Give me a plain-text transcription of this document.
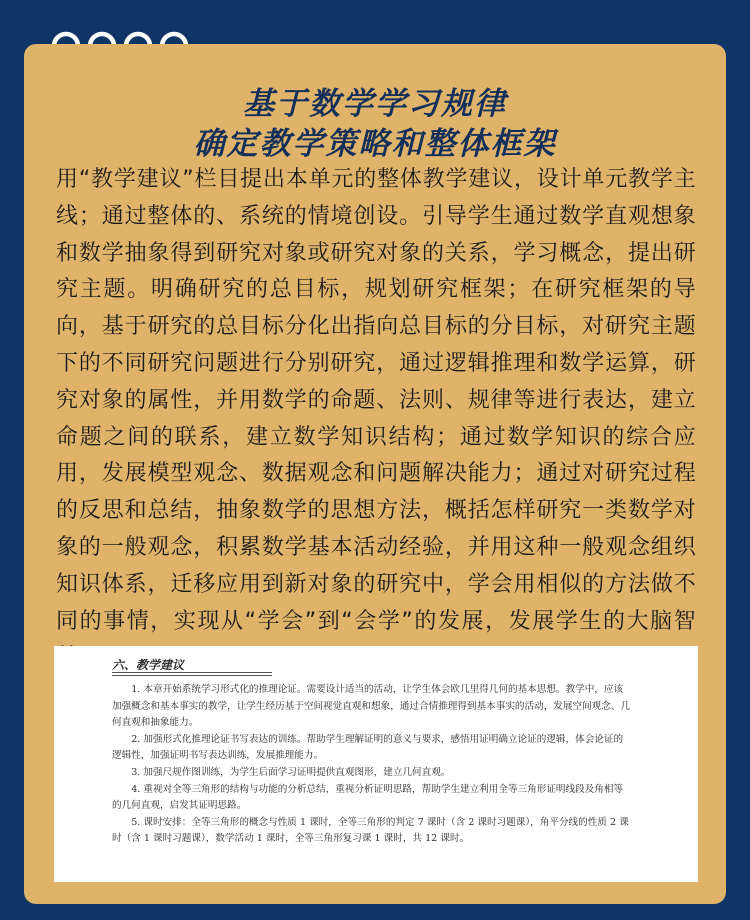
基于数学学习规律
确定教学策略和整体框架

用“教学建议”栏目提出本单元的整体教学建议，设计单元教学主线；通过整体的、系统的情境创设。引导学生通过数学直观想象和数学抽象得到研究对象或研究对象的关系，学习概念，提出研究主题。明确研究的总目标，规划研究框架；在研究框架的导向，基于研究的总目标分化出指向总目标的分目标，对研究主题下的不同研究问题进行分别研究，通过逻辑推理和数学运算，研究对象的属性，并用数学的命题、法则、规律等进行表达，建立命题之间的联系，建立数学知识结构；通过数学知识的综合应用，发展模型观念、数据观念和问题解决能力；通过对研究过程的反思和总结，抽象数学的思想方法，概括怎样研究一类数学对象的一般观念，积累数学基本活动经验，并用这种一般观念组织知识体系，迁移应用到新对象的研究中，学会用相似的方法做不同的事情，实现从“学会”到“会学”的发展，发展学生的大脑智

六、教学建议

1. 本章开始系统学习形式化的推理论证。需要设计适当的活动，让学生体会欧几里得几何的基本思想。教学中，应该加强概念和基本事实的教学，让学生经历基于空间视觉直观和想象，通过合情推理得到基本事实的活动，发展空间观念、几何直观和抽象能力。

2. 加强形式化推理论证书写表达的训练。帮助学生理解证明的意义与要求，感悟用证明确立论证的逻辑，体会论证的逻辑性，加强证明书写表达训练，发展推理能力。

3. 加强尺规作图训练，为学生后面学习证明提供直观图形，建立几何直观。

4. 重视对全等三角形的结构与功能的分析总结，重视分析证明思路，帮助学生建立利用全等三角形证明线段及角相等的几何直观，启发其证明思路。

5. 课时安排：全等三角形的概念与性质 1 课时，全等三角形的判定 7 课时（含 2 课时习题课），角平分线的性质 2 课时（含 1 课时习题课），数学活动 1 课时，全等三角形复习课 1 课时，共 12 课时。
